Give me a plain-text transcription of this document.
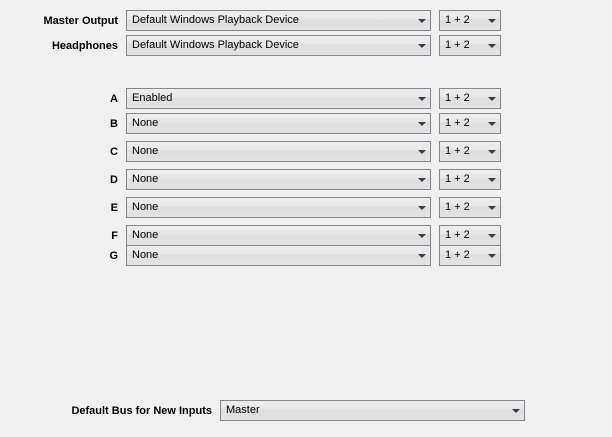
Master Output	Default Windows Playback Device	1 + 2
Headphones	Default Windows Playback Device	1 + 2
A	Enabled	1 + 2
B	None	1 + 2
C	None	1 + 2
D	None	1 + 2
E	None	1 + 2
F	None	1 + 2
G	None	1 + 2
Default Bus for New Inputs	Master
